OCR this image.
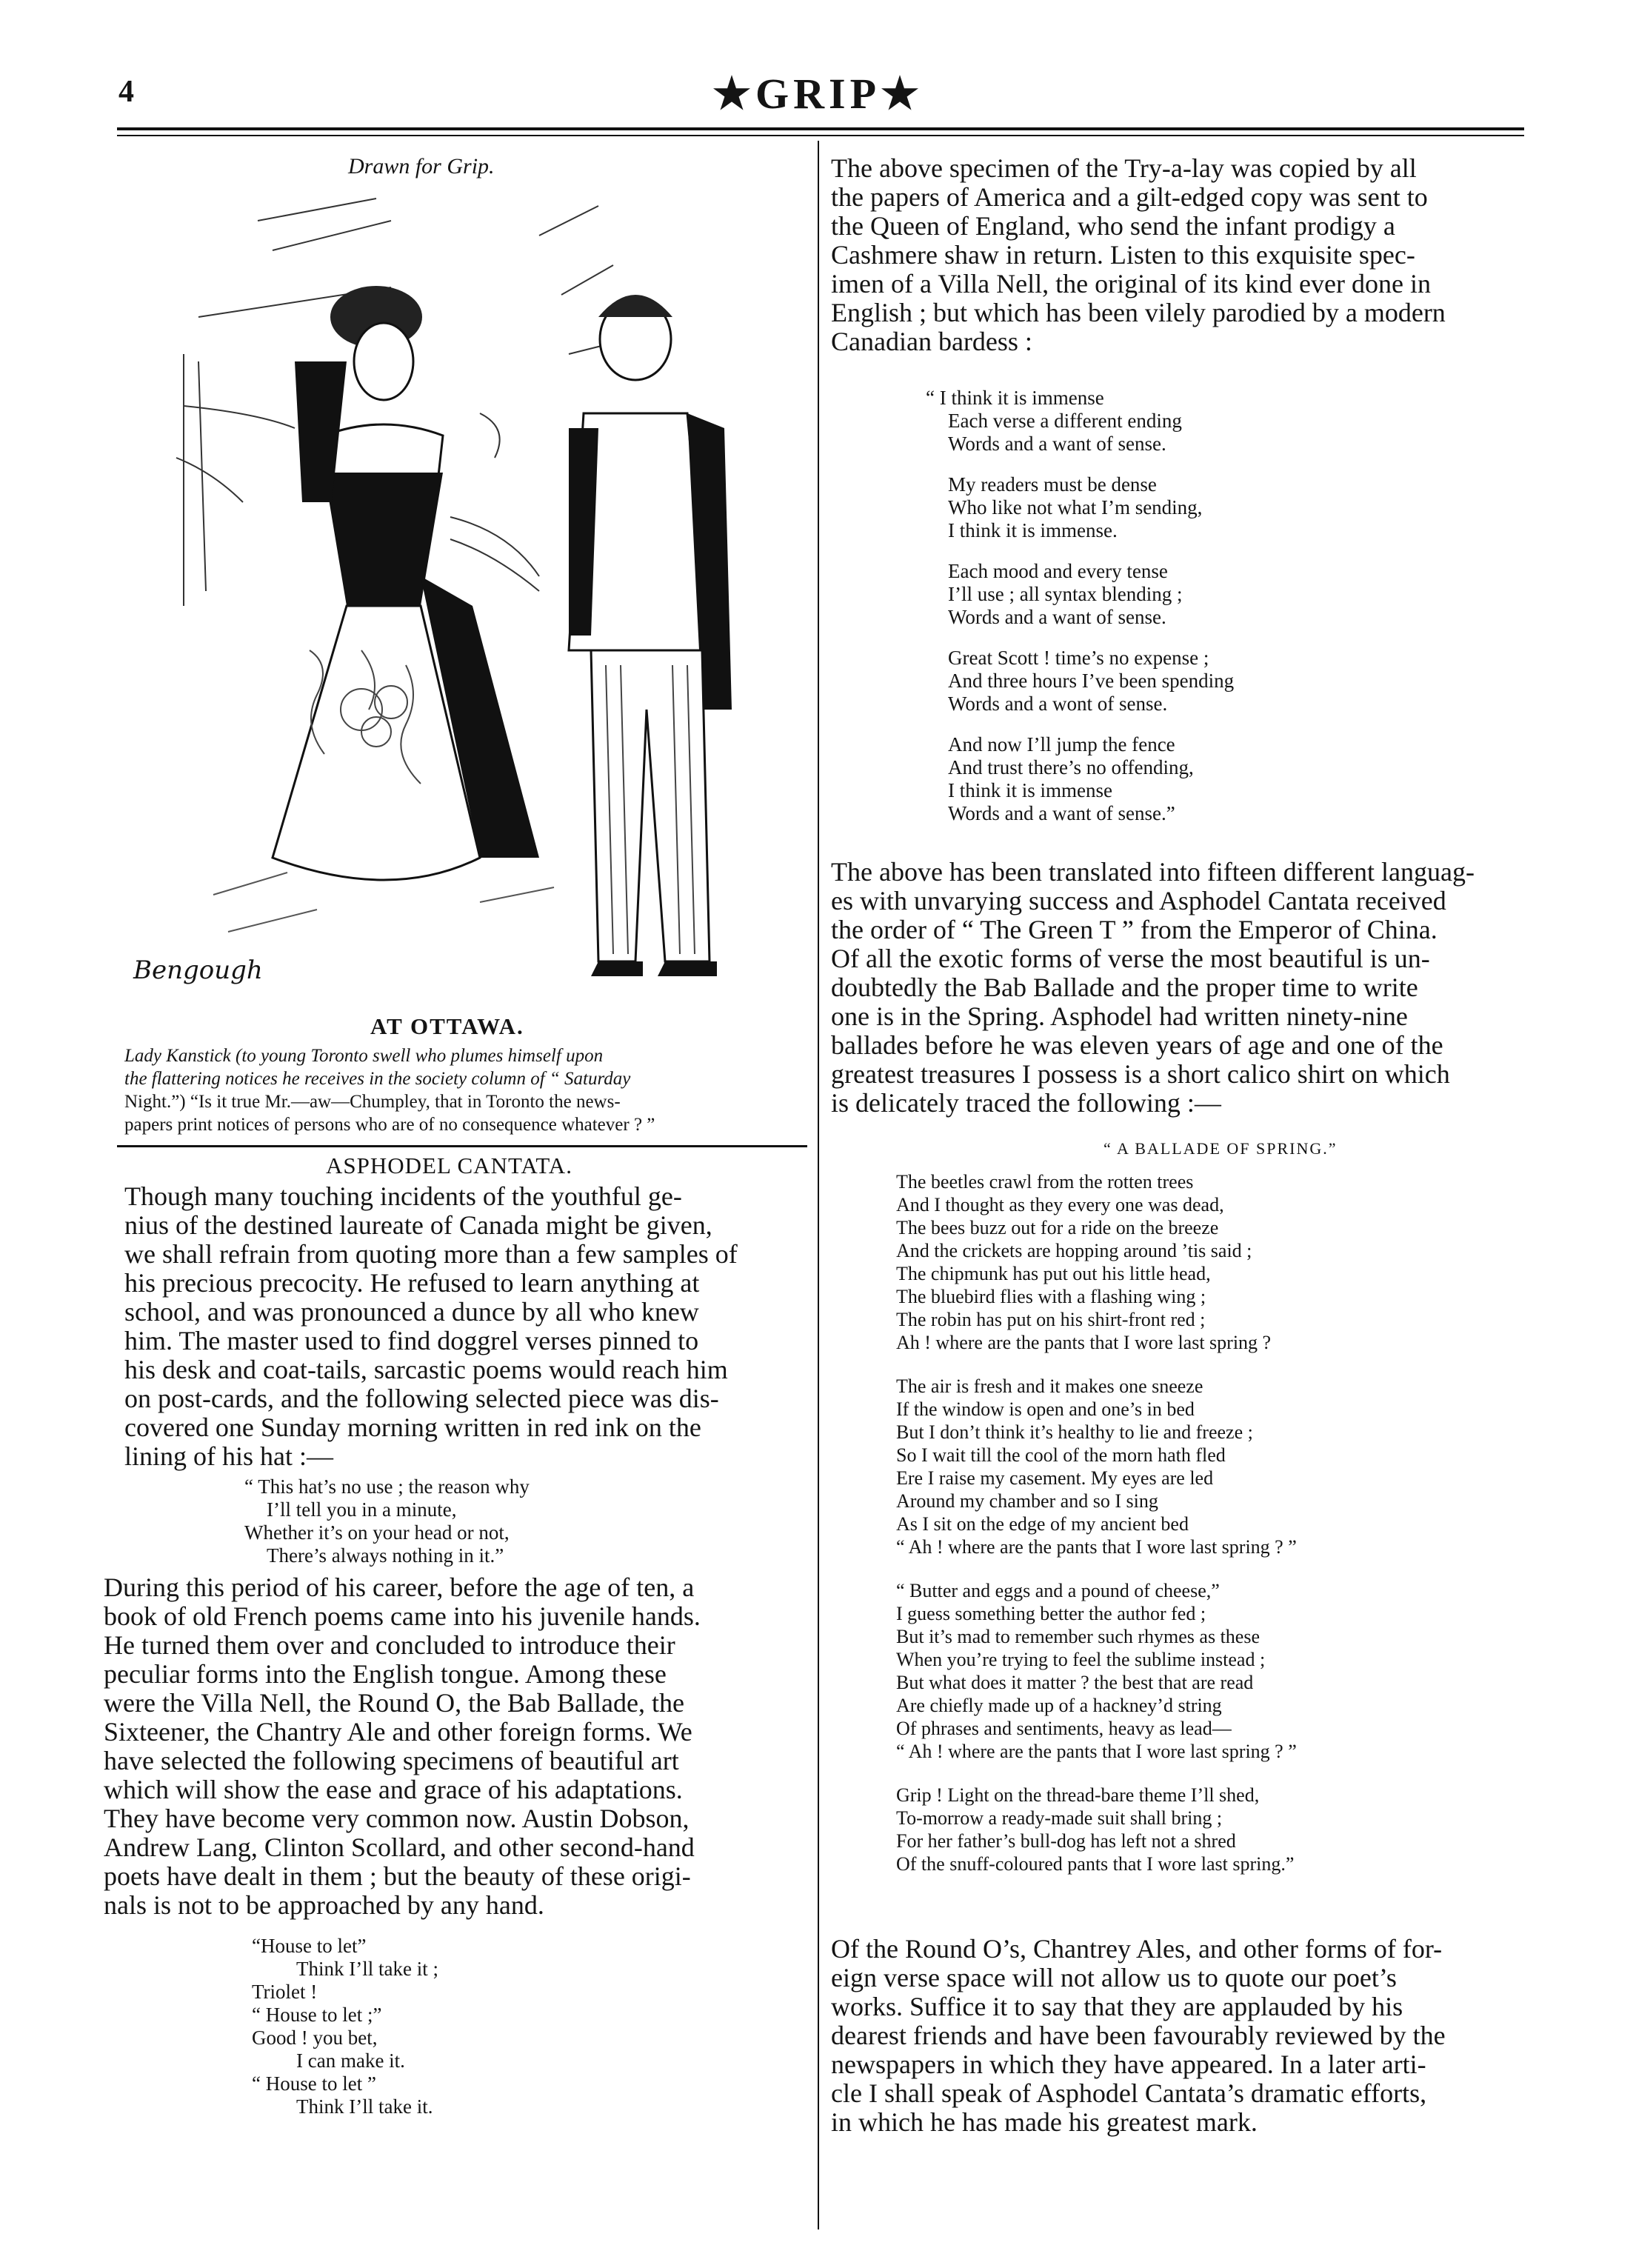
4	★GRIP★
Drawn for Grip.
Bengough
AT OTTAWA.
Lady Kanstick (to young Toronto swell who plumes himself upon
the flattering notices he receives in the society column of “ Saturday
Night.”) “Is it true Mr.—aw—Chumpley, that in Toronto the news-
papers print notices of persons who are of no consequence whatever ? ”
ASPHODEL CANTATA.
Though many touching incidents of the youthful ge-
nius of the destined laureate of Canada might be given,
we shall refrain from quoting more than a few samples of
his precious precocity. He refused to learn anything at
school, and was pronounced a dunce by all who knew
him. The master used to find doggrel verses pinned to
his desk and coat-tails, sarcastic poems would reach him
on post-cards, and the following selected piece was dis-
covered one Sunday morning written in red ink on the
lining of his hat :—
“ This hat’s no use ; the reason why
I’ll tell you in a minute,
Whether it’s on your head or not,
There’s always nothing in it.”
During this period of his career, before the age of ten, a
book of old French poems came into his juvenile hands.
He turned them over and concluded to introduce their
peculiar forms into the English tongue. Among these
were the Villa Nell, the Round O, the Bab Ballade, the
Sixteener, the Chantry Ale and other foreign forms. We
have selected the following specimens of beautiful art
which will show the ease and grace of his adaptations.
They have become very common now. Austin Dobson,
Andrew Lang, Clinton Scollard, and other second-hand
poets have dealt in them ; but the beauty of these origi-
nals is not to be approached by any hand.
“House to let”
Think I’ll take it ;
Triolet !
“ House to let ;”
Good ! you bet,
I can make it.
“ House to let ”
Think I’ll take it.
The above specimen of the Try-a-lay was copied by all
the papers of America and a gilt-edged copy was sent to
the Queen of England, who send the infant prodigy a
Cashmere shaw in return. Listen to this exquisite spec-
imen of a Villa Nell, the original of its kind ever done in
English ; but which has been vilely parodied by a modern
Canadian bardess :
“ I think it is immense
Each verse a different ending
Words and a want of sense.
My readers must be dense
Who like not what I’m sending,
I think it is immense.
Each mood and every tense
I’ll use ; all syntax blending ;
Words and a want of sense.
Great Scott ! time’s no expense ;
And three hours I’ve been spending
Words and a wont of sense.
And now I’ll jump the fence
And trust there’s no offending,
I think it is immense
Words and a want of sense.”
The above has been translated into fifteen different languag-
es with unvarying success and Asphodel Cantata received
the order of “ The Green T ” from the Emperor of China.
Of all the exotic forms of verse the most beautiful is un-
doubtedly the Bab Ballade and the proper time to write
one is in the Spring. Asphodel had written ninety-nine
ballades before he was eleven years of age and one of the
greatest treasures I possess is a short calico shirt on which
is delicately traced the following :—
“ A BALLADE OF SPRING.”
The beetles crawl from the rotten trees
And I thought as they every one was dead,
The bees buzz out for a ride on the breeze
And the crickets are hopping around ’tis said ;
The chipmunk has put out his little head,
The bluebird flies with a flashing wing ;
The robin has put on his shirt-front red ;
Ah ! where are the pants that I wore last spring ?
The air is fresh and it makes one sneeze
If the window is open and one’s in bed
But I don’t think it’s healthy to lie and freeze ;
So I wait till the cool of the morn hath fled
Ere I raise my casement. My eyes are led
Around my chamber and so I sing
As I sit on the edge of my ancient bed
“ Ah ! where are the pants that I wore last spring ? ”
“ Butter and eggs and a pound of cheese,”
I guess something better the author fed ;
But it’s mad to remember such rhymes as these
When you’re trying to feel the sublime instead ;
But what does it matter ? the best that are read
Are chiefly made up of a hackney’d string
Of phrases and sentiments, heavy as lead—
“ Ah ! where are the pants that I wore last spring ? ”
Grip ! Light on the thread-bare theme I’ll shed,
To-morrow a ready-made suit shall bring ;
For her father’s bull-dog has left not a shred
Of the snuff-coloured pants that I wore last spring.”
Of the Round O’s, Chantrey Ales, and other forms of for-
eign verse space will not allow us to quote our poet’s
works. Suffice it to say that they are applauded by his
dearest friends and have been favourably reviewed by the
newspapers in which they have appeared. In a later arti-
cle I shall speak of Asphodel Cantata’s dramatic efforts,
in which he has made his greatest mark.
